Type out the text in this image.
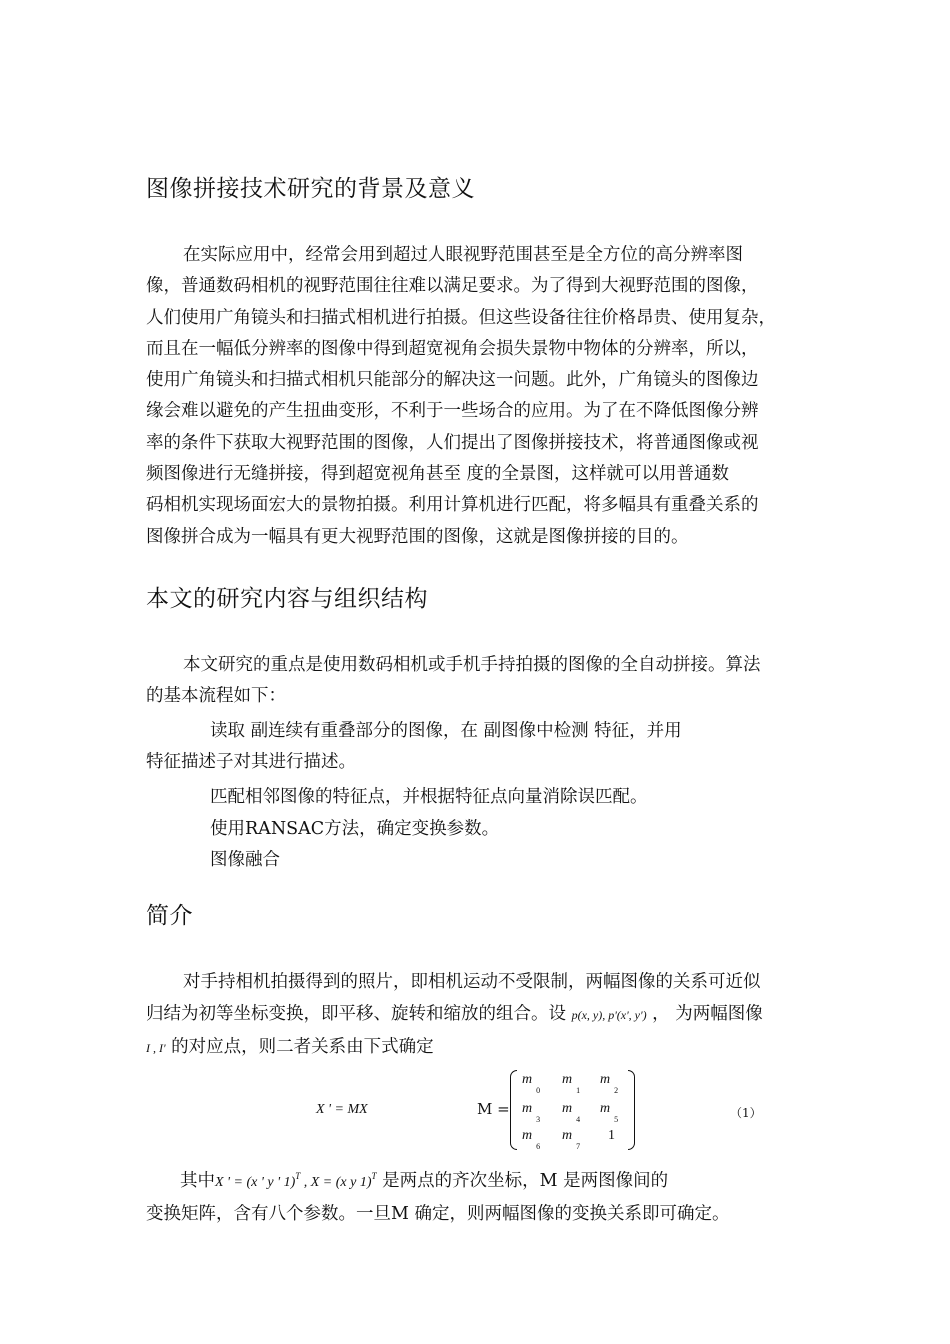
图像拼接技术研究的背景及意义
在实际应用中，经常会用到超过人眼视野范围甚至是全方位的高分辨率图
像，普通数码相机的视野范围往往难以满足要求。为了得到大视野范围的图像，
人们使用广角镜头和扫描式相机进行拍摄。但这些设备往往价格昂贵、使用复杂，
而且在一幅低分辨率的图像中得到超宽视角会损失景物中物体的分辨率，所以，
使用广角镜头和扫描式相机只能部分的解决这一问题。此外，广角镜头的图像边
缘会难以避免的产生扭曲变形，不利于一些场合的应用。为了在不降低图像分辨
率的条件下获取大视野范围的图像，人们提出了图像拼接技术，将普通图像或视
频图像进行无缝拼接，得到超宽视角甚至 度的全景图，这样就可以用普通数
码相机实现场面宏大的景物拍摄。利用计算机进行匹配，将多幅具有重叠关系的
图像拼合成为一幅具有更大视野范围的图像，这就是图像拼接的目的。
本文的研究内容与组织结构
本文研究的重点是使用数码相机或手机手持拍摄的图像的全自动拼接。算法
的基本流程如下：

读取 副连续有重叠部分的图像，在 副图像中检测 特征，并用

特征描述子对其进行描述。

匹配相邻图像的特征点，并根据特征点向量消除误匹配。

使用RANSAC方法，确定变换参数。

图像融合

简介

对手持相机拍摄得到的照片，即相机运动不受限制，两幅图像的关系可近似

归结为初等坐标变换，即平移、旋转和缩放的组合。设 p(x, y), p'(x', y') ， 为两幅图像

I , I' 的对应点，则二者关系由下式确定

X ' = MX	M =
$m_0$
$m_1$
$m_2$
$m_3$
$m_4$
$m_5$
$m_6$
$m_7$
1
（1）

其中X ' = (x ' y ' 1)$^T$ , X = (x y 1)$^T$ 是两点的齐次坐标，M 是两图像间的

变换矩阵，含有八个参数。一旦M 确定，则两幅图像的变换关系即可确定。
